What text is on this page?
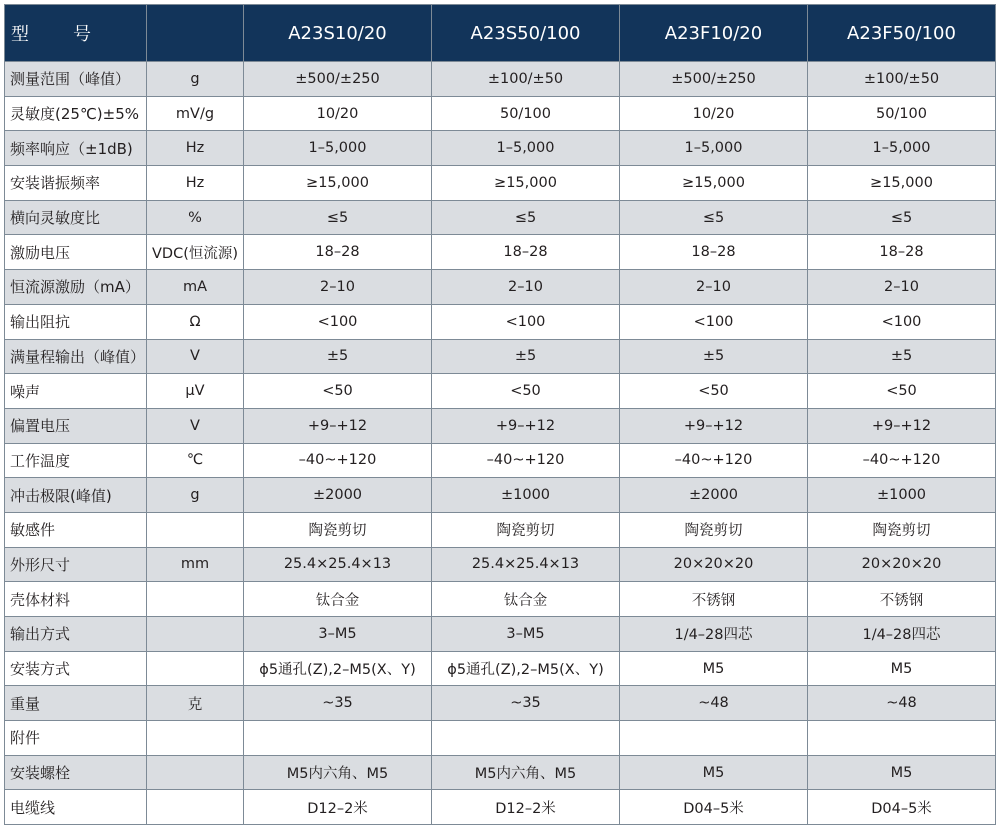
型 号		A23S10/20	A23S50/100	A23F10/20	A23F50/100
测量范围（峰值）	g	±500/±250	±100/±50	±500/±250	±100/±50
灵敏度(25℃)±5%	mV/g	10/20	50/100	10/20	50/100
频率响应（±1dB)	Hz	1–5,000	1–5,000	1–5,000	1–5,000
安装谐振频率	Hz	≥15,000	≥15,000	≥15,000	≥15,000
横向灵敏度比	%	≤5	≤5	≤5	≤5
激励电压	VDC(恒流源)	18–28	18–28	18–28	18–28
恒流源激励（mA）	mA	2–10	2–10	2–10	2–10
输出阻抗	Ω	<100	<100	<100	<100
满量程输出（峰值）	V	±5	±5	±5	±5
噪声	μV	<50	<50	<50	<50
偏置电压	V	+9–+12	+9–+12	+9–+12	+9–+12
工作温度	℃	–40~+120	–40~+120	–40~+120	–40~+120
冲击极限(峰值)	g	±2000	±1000	±2000	±1000
敏感件		陶瓷剪切	陶瓷剪切	陶瓷剪切	陶瓷剪切
外形尺寸	mm	25.4×25.4×13	25.4×25.4×13	20×20×20	20×20×20
壳体材料		钛合金	钛合金	不锈钢	不锈钢
输出方式		3–M5	3–M5	1/4–28四芯	1/4–28四芯
安装方式		ɸ5通孔(Z),2–M5(X、Y)	ɸ5通孔(Z),2–M5(X、Y)	M5	M5
重量	克	~35	~35	~48	~48
附件					
安装螺栓		M5内六角、M5	M5内六角、M5	M5	M5
电缆线		D12–2米	D12–2米	D04–5米	D04–5米
